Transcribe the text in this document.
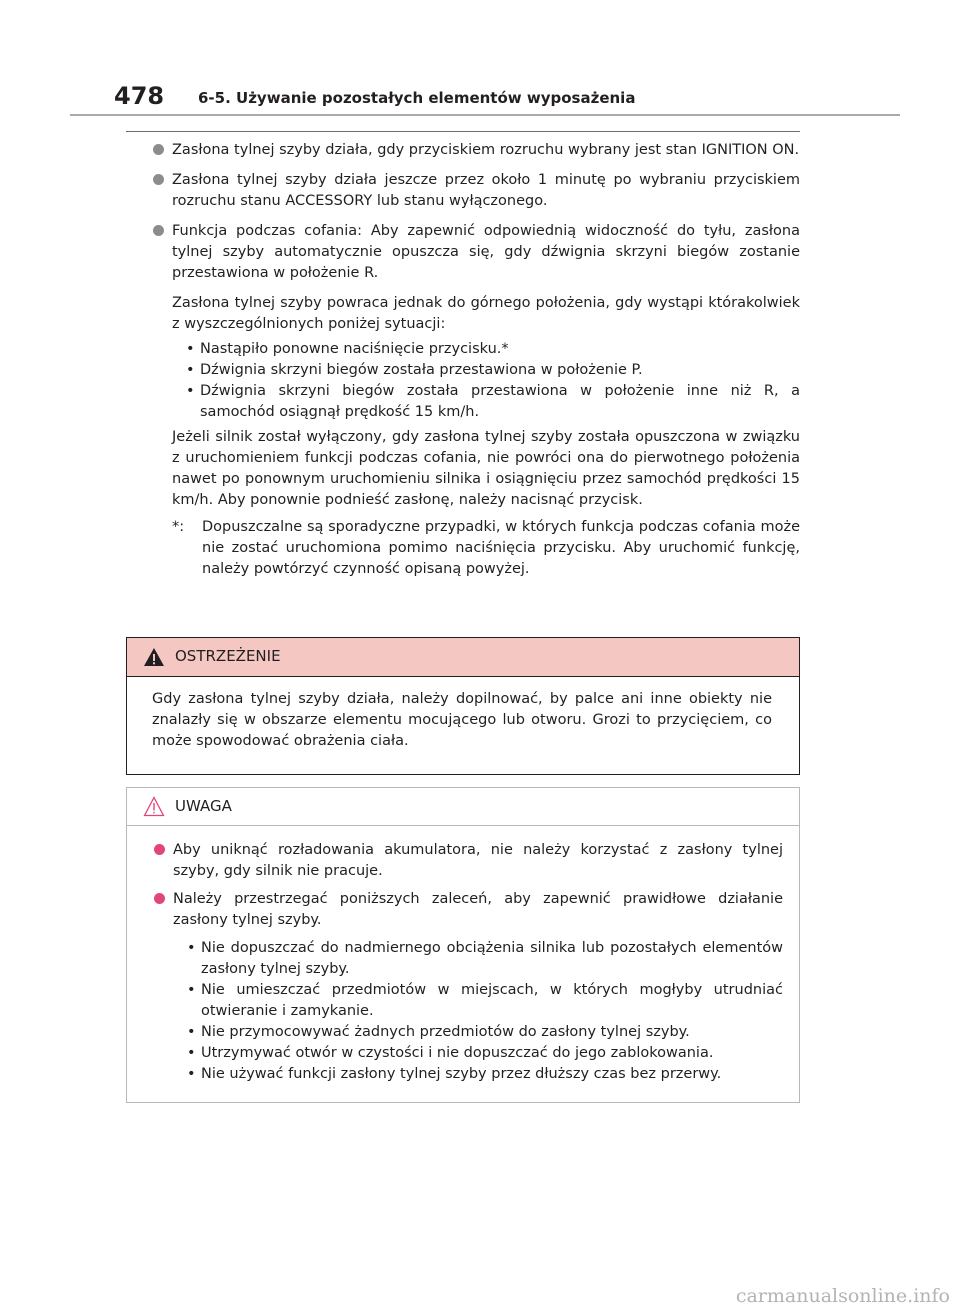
478 6-5. Używanie pozostałych elementów wyposażenia

Zasłona tylnej szyby działa, gdy przyciskiem rozruchu wybrany jest stan IGNITION ON.

Zasłona tylnej szyby działa jeszcze przez około 1 minutę po wybraniu przyciskiem rozruchu stanu ACCESSORY lub stanu wyłączonego.

Funkcja podczas cofania: Aby zapewnić odpowiednią widoczność do tyłu, zasłona tylnej szyby automatycznie opuszcza się, gdy dźwignia skrzyni biegów zostanie przestawiona w położenie R.

Zasłona tylnej szyby powraca jednak do górnego położenia, gdy wystąpi którakolwiek z wyszczególnionych poniżej sytuacji:

• Nastąpiło ponowne naciśnięcie przycisku.*
• Dźwignia skrzyni biegów została przestawiona w położenie P.
• Dźwignia skrzyni biegów została przestawiona w położenie inne niż R, a samochód osiągnął prędkość 15 km/h.

Jeżeli silnik został wyłączony, gdy zasłona tylnej szyby została opuszczona w związku z uruchomieniem funkcji podczas cofania, nie powróci ona do pierwotnego położenia nawet po ponownym uruchomieniu silnika i osiągnięciu przez samochód prędkości 15 km/h. Aby ponownie podnieść zasłonę, należy nacisnąć przycisk.

*: Dopuszczalne są sporadyczne przypadki, w których funkcja podczas cofania może nie zostać uruchomiona pomimo naciśnięcia przycisku. Aby uruchomić funkcję, należy powtórzyć czynność opisaną powyżej.

OSTRZEŻENIE
Gdy zasłona tylnej szyby działa, należy dopilnować, by palce ani inne obiekty nie znalazły się w obszarze elementu mocującego lub otworu. Grozi to przycięciem, co może spowodować obrażenia ciała.
UWAGA

Aby uniknąć rozładowania akumulatora, nie należy korzystać z zasłony tylnej szyby, gdy silnik nie pracuje.

Należy przestrzegać poniższych zaleceń, aby zapewnić prawidłowe działanie zasłony tylnej szyby.

• Nie dopuszczać do nadmiernego obciążenia silnika lub pozostałych elementów zasłony tylnej szyby.
• Nie umieszczać przedmiotów w miejscach, w których mogłyby utrudniać otwieranie i zamykanie.
• Nie przymocowywać żadnych przedmiotów do zasłony tylnej szyby.
• Utrzymywać otwór w czystości i nie dopuszczać do jego zablokowania.
• Nie używać funkcji zasłony tylnej szyby przez dłuższy czas bez przerwy.
carmanualsonline.info
